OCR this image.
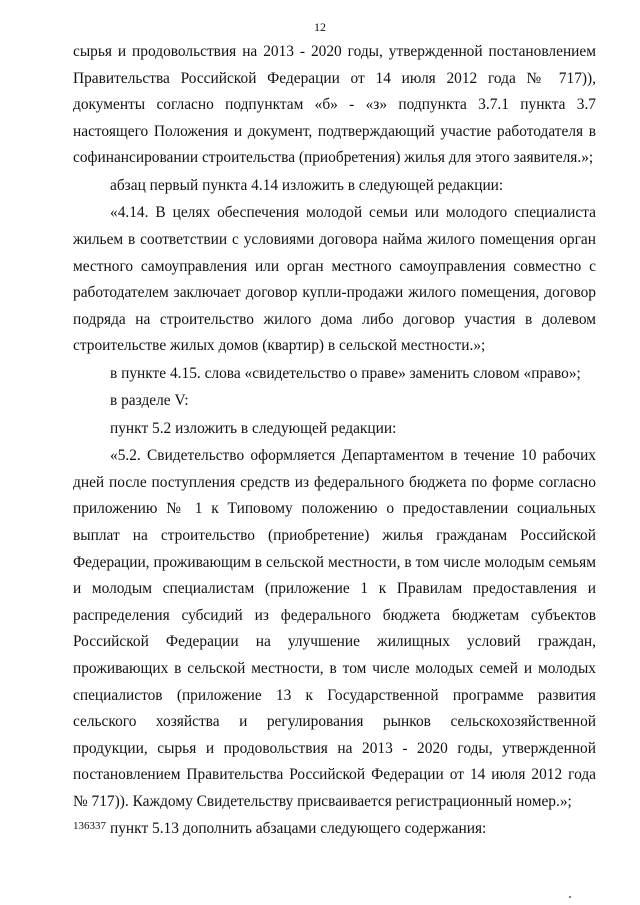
12

сырья и продовольствия на 2013 - 2020 годы, утвержденной постановлением Правительства Российской Федерации от 14 июля 2012 года № 717)), документы согласно подпунктам «б» - «з» подпункта 3.7.1 пункта 3.7 настоящего Положения и документ, подтверждающий участие работодателя в софинансировании строительства (приобретения) жилья для этого заявителя.»;

абзац первый пункта 4.14 изложить в следующей редакции:

«4.14. В целях обеспечения молодой семьи или молодого специалиста жильем в соответствии с условиями договора найма жилого помещения орган местного самоуправления или орган местного самоуправления совместно с работодателем заключает договор купли-продажи жилого помещения, договор подряда на строительство жилого дома либо договор участия в долевом строительстве жилых домов (квартир) в сельской местности.»;

в пункте 4.15. слова «свидетельство о праве» заменить словом «право»;

в разделе V:

пункт 5.2 изложить в следующей редакции:

«5.2. Свидетельство оформляется Департаментом в течение 10 рабочих дней после поступления средств из федерального бюджета по форме согласно приложению № 1 к Типовому положению о предоставлении социальных выплат на строительство (приобретение) жилья гражданам Российской Федерации, проживающим в сельской местности, в том числе молодым семьям и молодым специалистам (приложение 1 к Правилам предоставления и распределения субсидий из федерального бюджета бюджетам субъектов Российской Федерации на улучшение жилищных условий граждан, проживающих в сельской местности, в том числе молодых семей и молодых специалистов (приложение 13 к Государственной программе развития сельского хозяйства и регулирования рынков сельскохозяйственной продукции, сырья и продовольствия на 2013 - 2020 годы, утвержденной постановлением Правительства Российской Федерации от 14 июля 2012 года № 717)). Каждому Свидетельству присваивается регистрационный номер.»;

пункт 5.13 дополнить абзацами следующего содержания:

136337
